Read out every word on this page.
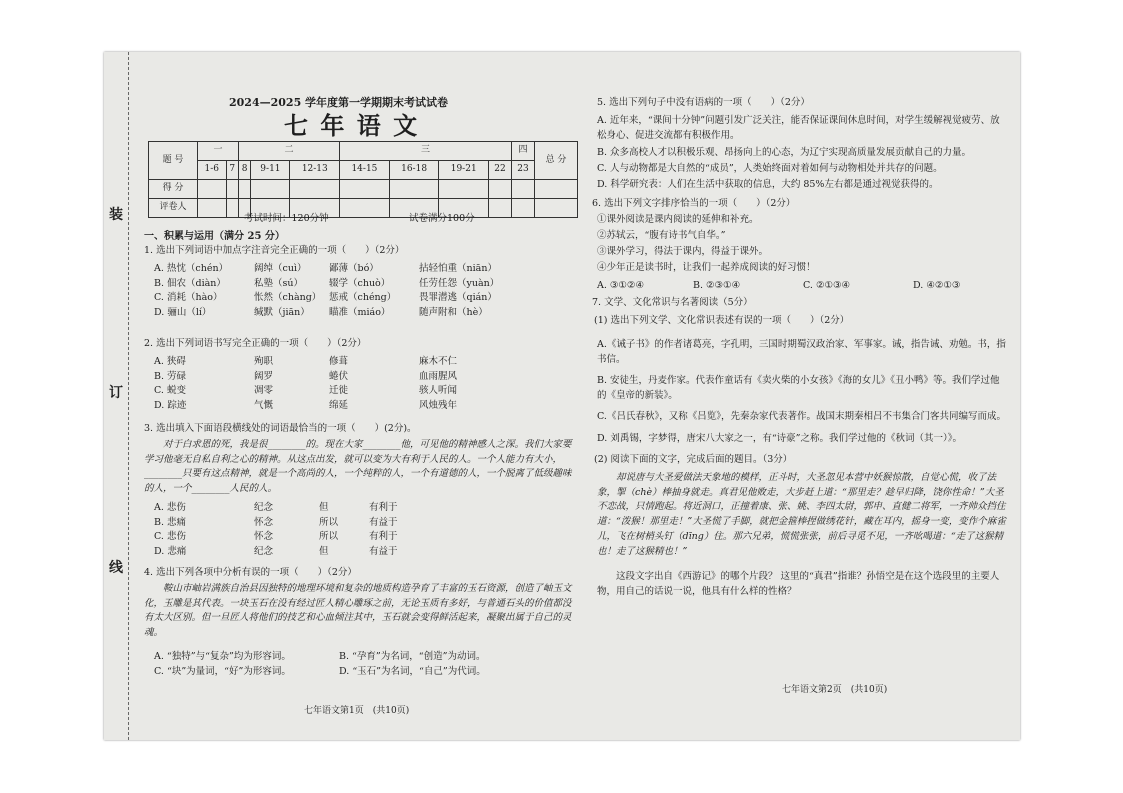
装
订
线
2024—2025 学年度第一学期期末考试试卷
七 年 语 文
题 号	一		二			三				四	总 分
	1-6	7	8	9-11	12-13	14-15	16-18	19-21	22	23	
得 分											
评卷人											
考试时间：120分钟	试卷满分100分
一、积累与运用（满分 25 分）
1. 选出下列词语中加点字注音完全正确的一项（　　）（2分）
A. 热忱（chén）	阔绰（cuì）	鄙薄（bó）	拈轻怕重（niān）
B. 佃农（diàn）	私塾（sú）	辍学（chuò）	任劳任怨（yuàn）
C. 消耗（hào）	怅然（chàng） 惩戒（chéng）	畏罪潜逃（qián）
D. 骊山（lí）	缄默（jiān）	瞄准（miáo）	随声附和（hè）
2. 选出下列词语书写完全正确的一项（　　）（2分）
A. 狭碍	殉职	修葺	麻木不仁
B. 劳碌	阔罗	蜷伏	血雨腥风
C. 蜕变	凋零	迁徙	骇人听闻
D. 踪迹	气慨	绵延	风烛残年
3. 选出填入下面语段横线处的词语最恰当的一项（　　）(2分)。
对于白求恩的死，我是很________的。现在大家________他，可见他的精神感人之深。我们大家要学习他毫无自私自利之心的精神。从这点出发，就可以变为大有利于人民的人。一个人能力有大小，________只要有这点精神，就是一个高尚的人，一个纯粹的人，一个有道德的人，一个脱离了低级趣味的人，一个________人民的人。
A. 悲伤	纪念	但	有利于
B. 悲痛	怀念	所以	有益于
C. 悲伤	怀念	所以	有利于
D. 悲痛	纪念	但	有益于
4. 选出下列各项中分析有误的一项（　　）（2分）
鞍山市岫岩满族自治县因独特的地理环境和复杂的地质构造孕育了丰富的玉石资源，创造了岫玉文化，玉雕是其代表。一块玉石在没有经过匠人精心雕琢之前，无论玉质有多好，与普通石头的价值都没有太大区别。但一旦匠人将他们的技艺和心血倾注其中，玉石就会变得鲜活起来，凝聚出属于自己的灵魂。
A. “独特”与“复杂”均为形容词。	B. “孕育”为名词，“创造”为动词。
C. “块”为量词，“好”为形容词。	D. “玉石”为名词，“自己”为代词。
七年语文第1页　(共10页)
5. 选出下列句子中没有语病的一项（　　）（2分）
A. 近年来，“课间十分钟”问题引发广泛关注，能否保证课间休息时间，对学生缓解视觉疲劳、放松身心、促进交流都有积极作用。
B. 众多高校人才以积极乐观、昂扬向上的心态，为辽宁实现高质量发展贡献自己的力量。
C. 人与动物都是大自然的“成员”，人类始终面对着如何与动物相处并共存的问题。
D. 科学研究表：人们在生活中获取的信息，大约 85%左右都是通过视觉获得的。
6. 选出下列文字排序恰当的一项（　　）（2分）
①课外阅读是课内阅读的延伸和补充。
②苏轼云，“腹有诗书气自华。”
③课外学习，得法于课内，得益于课外。
④少年正是读书时，让我们一起养成阅读的好习惯！
A. ③①②④	B. ②③①④	C. ②①③④	D. ④②①③
7. 文学、文化常识与名著阅读（5分）
(1) 选出下列文学、文化常识表述有误的一项（　　）（2分）
A.《诫子书》的作者诸葛亮，字孔明，三国时期蜀汉政治家、军事家。诫，指告诫、劝勉。书，指书信。
B. 安徒生，丹麦作家。代表作童话有《卖火柴的小女孩》《海的女儿》《丑小鸭》等。我们学过他的《皇帝的新装》。
C.《吕氏春秋》，又称《吕览》，先秦杂家代表著作。战国末期秦相吕不韦集合门客共同编写而成。
D. 刘禹锡，字梦得，唐宋八大家之一，有“诗豪”之称。我们学过他的《秋词（其一）》。
(2) 阅读下面的文字，完成后面的题目。（3分）
却说唐与大圣爱做法天象地的模样，正斗时，大圣忽见本营中妖猴惊散，自觉心慌，收了法象，掣（chè）棒抽身就走。真君见他败走，大步赶上道：“那里走？趁早归降，饶你性命！”大圣不恋战，只情跑起。将近洞口，正撞着康、张、姚、李四太尉，郭申、直健二将军，一齐帅众挡住道：“泼猴！那里走！”大圣慌了手脚，就把金箍棒捏做绣花针，藏在耳内，摇身一变，变作个麻雀儿，飞在树梢头钉（dīng）住。那六兄弟，慌慌张张，前后寻觅不见，一齐吆喝道：“走了这猴精也！走了这猴精也！”
这段文字出自《西游记》的哪个片段？ 这里的“真君”指谁？孙悟空是在这个选段里的主要人物，用自己的话说一说，他具有什么样的性格？
七年语文第2页　(共10页)
